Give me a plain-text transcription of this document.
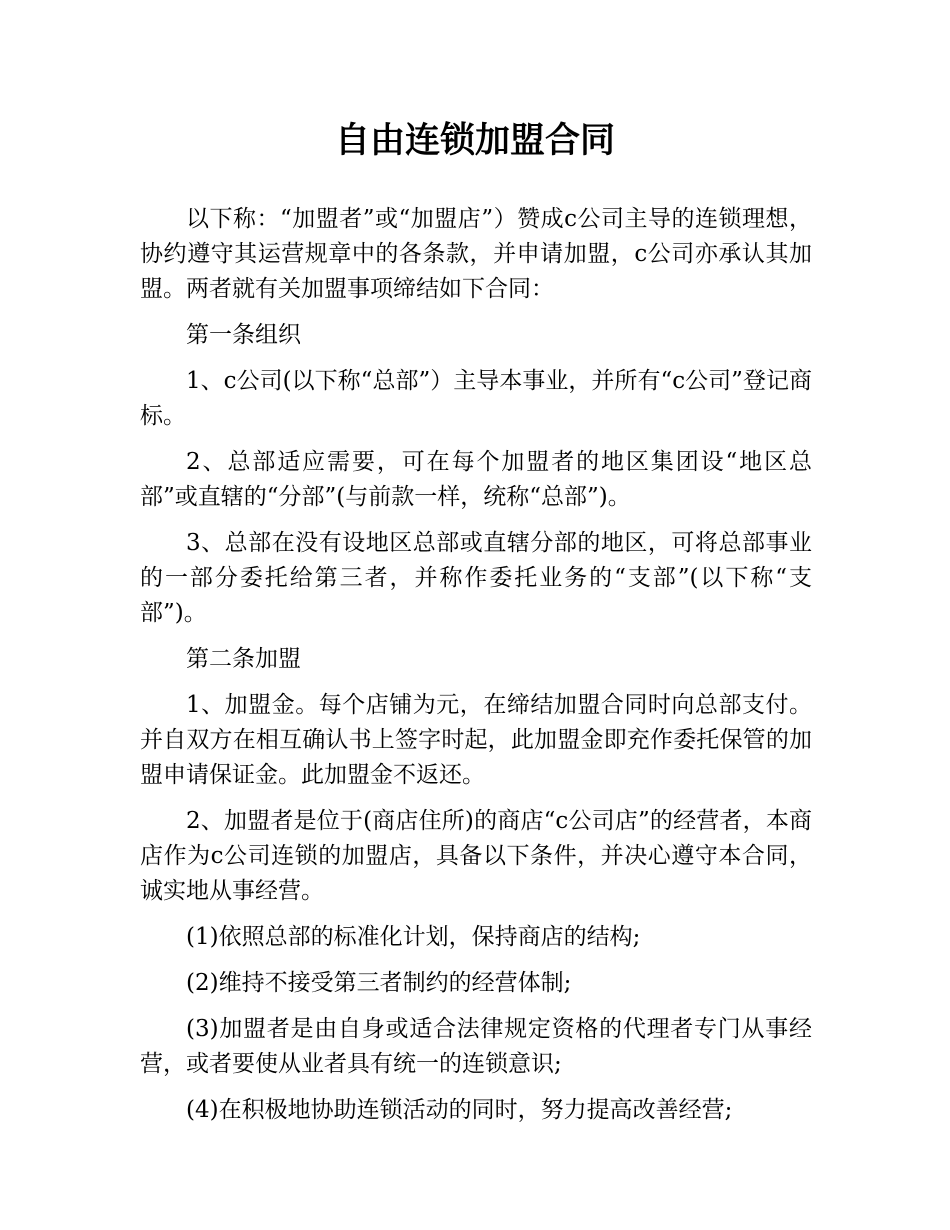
自由连锁加盟合同

以下称：“加盟者”或“加盟店”）赞成c公司主导的连锁理想，协约遵守其运营规章中的各条款，并申请加盟，c公司亦承认其加盟。两者就有关加盟事项缔结如下合同：

第一条组织

1、c公司(以下称“总部”）主导本事业，并所有“c公司”登记商标。

2、总部适应需要，可在每个加盟者的地区集团设“地区总部”或直辖的“分部”(与前款一样，统称“总部”)。

3、总部在没有设地区总部或直辖分部的地区，可将总部事业的一部分委托给第三者，并称作委托业务的“支部”(以下称“支部”)。

第二条加盟

1、加盟金。每个店铺为元，在缔结加盟合同时向总部支付。并自双方在相互确认书上签字时起，此加盟金即充作委托保管的加盟申请保证金。此加盟金不返还。

2、加盟者是位于(商店住所)的商店“c公司店”的经营者，本商店作为c公司连锁的加盟店，具备以下条件，并决心遵守本合同，诚实地从事经营。

(1)依照总部的标准化计划，保持商店的结构;

(2)维持不接受第三者制约的经营体制;

(3)加盟者是由自身或适合法律规定资格的代理者专门从事经营，或者要使从业者具有统一的连锁意识;

(4)在积极地协助连锁活动的同时，努力提高改善经营;
